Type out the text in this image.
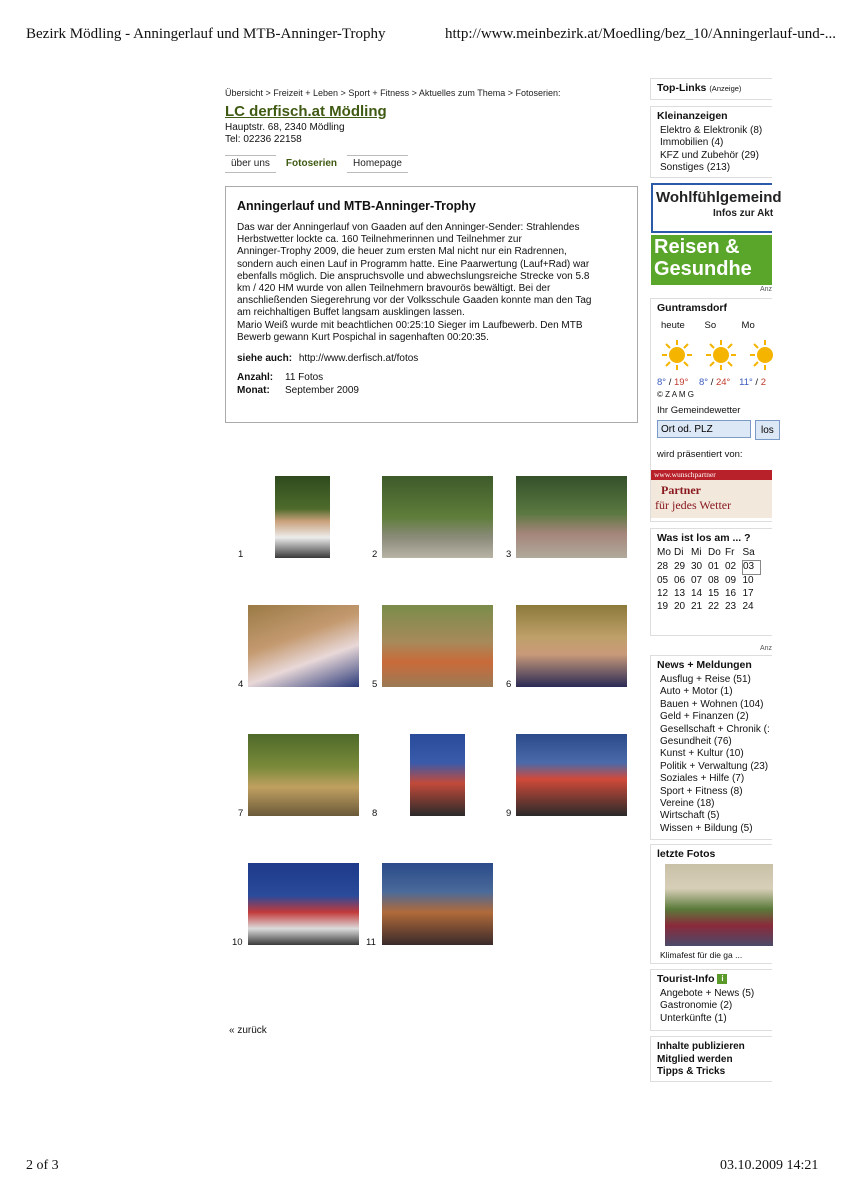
Bezirk Mödling - Anningerlauf und MTB-Anninger-Trophy	http://www.meinbezirk.at/Moedling/bez_10/Anningerlauf-und-...
2 of 3	03.10.2009 14:21
Übersicht > Freizeit + Leben > Sport + Fitness > Aktuelles zum Thema > Fotoserien:
LC derfisch.at Mödling
Hauptstr. 68, 2340 Mödling
Tel: 02236 22158
über uns	Fotoserien	Homepage
Anningerlauf und MTB-Anninger-Trophy
Das war der Anningerlauf von Gaaden auf den Anninger-Sender: Strahlendes
Herbstwetter lockte ca. 160 Teilnehmerinnen und Teilnehmer zur
Anninger-Trophy 2009, die heuer zum ersten Mal nicht nur ein Radrennen,
sondern auch einen Lauf in Programm hatte. Eine Paarwertung (Lauf+Rad) war
ebenfalls möglich. Die anspruchsvolle und abwechslungsreiche Strecke von 5.8
km / 420 HM wurde von allen Teilnehmern bravourös bewältigt. Bei der
anschließenden Siegerehrung vor der Volksschule Gaaden konnte man den Tag
am reichhaltigen Buffet langsam ausklingen lassen.
Mario Weiß wurde mit beachtlichen 00:25:10 Sieger im Laufbewerb. Den MTB
Bewerb gewann Kurt Pospichal in sagenhaften 00:20:35.
siehe auch: http://www.derfisch.at/fotos
Anzahl: 11 Fotos
Monat: September 2009
1	2	3
4	5	6
7	8	9
10	11
« zurück
Top-Links (Anzeige)
Kleinanzeigen
Elektro & Elektronik (8)
Immobilien (4)
KFZ und Zubehör (29)
Sonstiges (213)
Wohlfühlgemeind
Infos zur Akt
Reisen &
Gesundhe
Anz
Guntramsdorf
heute	So	Mo
8° / 19°	8° / 24° 11° / 2
© Z A M G
Ihr Gemeindewetter
Ort od. PLZ
los
wird präsentiert von:
www.wunschpartner
Partner
für jedes Wetter
Was ist los am ... ?
Mo	Di	Mi	Do	Fr	Sa
28	29	30	01	02	03
05	06	07	08	09	10
12	13	14	15	16	17
19	20	21	22	23	24
Anz
News + Meldungen
Ausflug + Reise (51)
Auto + Motor (1)
Bauen + Wohnen (104)
Geld + Finanzen (2)
Gesellschaft + Chronik (:
Gesundheit (76)
Kunst + Kultur (10)
Politik + Verwaltung (23)
Soziales + Hilfe (7)
Sport + Fitness (8)
Vereine (18)
Wirtschaft (5)
Wissen + Bildung (5)
letzte Fotos
Klimafest für die ga ...
Tourist-Info i
Angebote + News (5)
Gastronomie (2)
Unterkünfte (1)
Inhalte publizieren
Mitglied werden
Tipps & Tricks
